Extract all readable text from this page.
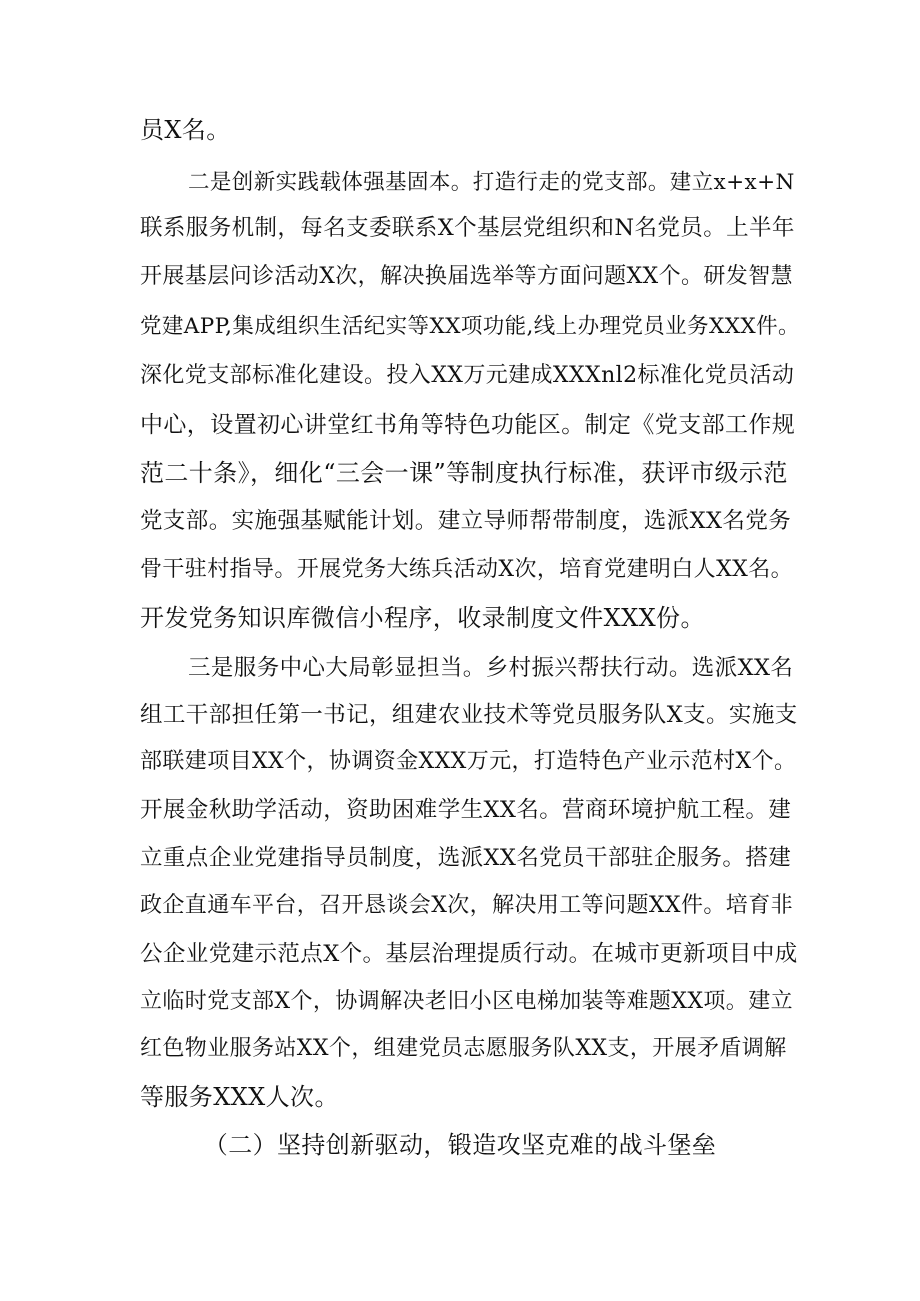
员X名。
二是创新实践载体强基固本。打造行走的党支部。建立x+x+N
联系服务机制，每名支委联系X个基层党组织和N名党员。上半年
开展基层问诊活动X次，解决换届选举等方面问题XX个。研发智慧
党建APP,集成组织生活纪实等XX项功能,线上办理党员业务XXX件。
深化党支部标准化建设。投入XX万元建成XXXnl2标准化党员活动
中心，设置初心讲堂红书角等特色功能区。制定《党支部工作规
范二十条》，细化“三会一课”等制度执行标准，获评市级示范
党支部。实施强基赋能计划。建立导师帮带制度，选派XX名党务
骨干驻村指导。开展党务大练兵活动X次，培育党建明白人XX名。
开发党务知识库微信小程序，收录制度文件XXX份。
三是服务中心大局彰显担当。乡村振兴帮扶行动。选派XX名
组工干部担任第一书记，组建农业技术等党员服务队X支。实施支
部联建项目XX个，协调资金XXX万元，打造特色产业示范村X个。
开展金秋助学活动，资助困难学生XX名。营商环境护航工程。建
立重点企业党建指导员制度，选派XX名党员干部驻企服务。搭建
政企直通车平台，召开恳谈会X次，解决用工等问题XX件。培育非
公企业党建示范点X个。基层治理提质行动。在城市更新项目中成
立临时党支部X个，协调解决老旧小区电梯加装等难题XX项。建立
红色物业服务站XX个，组建党员志愿服务队XX支，开展矛盾调解
等服务XXX人次。
（二）坚持创新驱动，锻造攻坚克难的战斗堡垒
